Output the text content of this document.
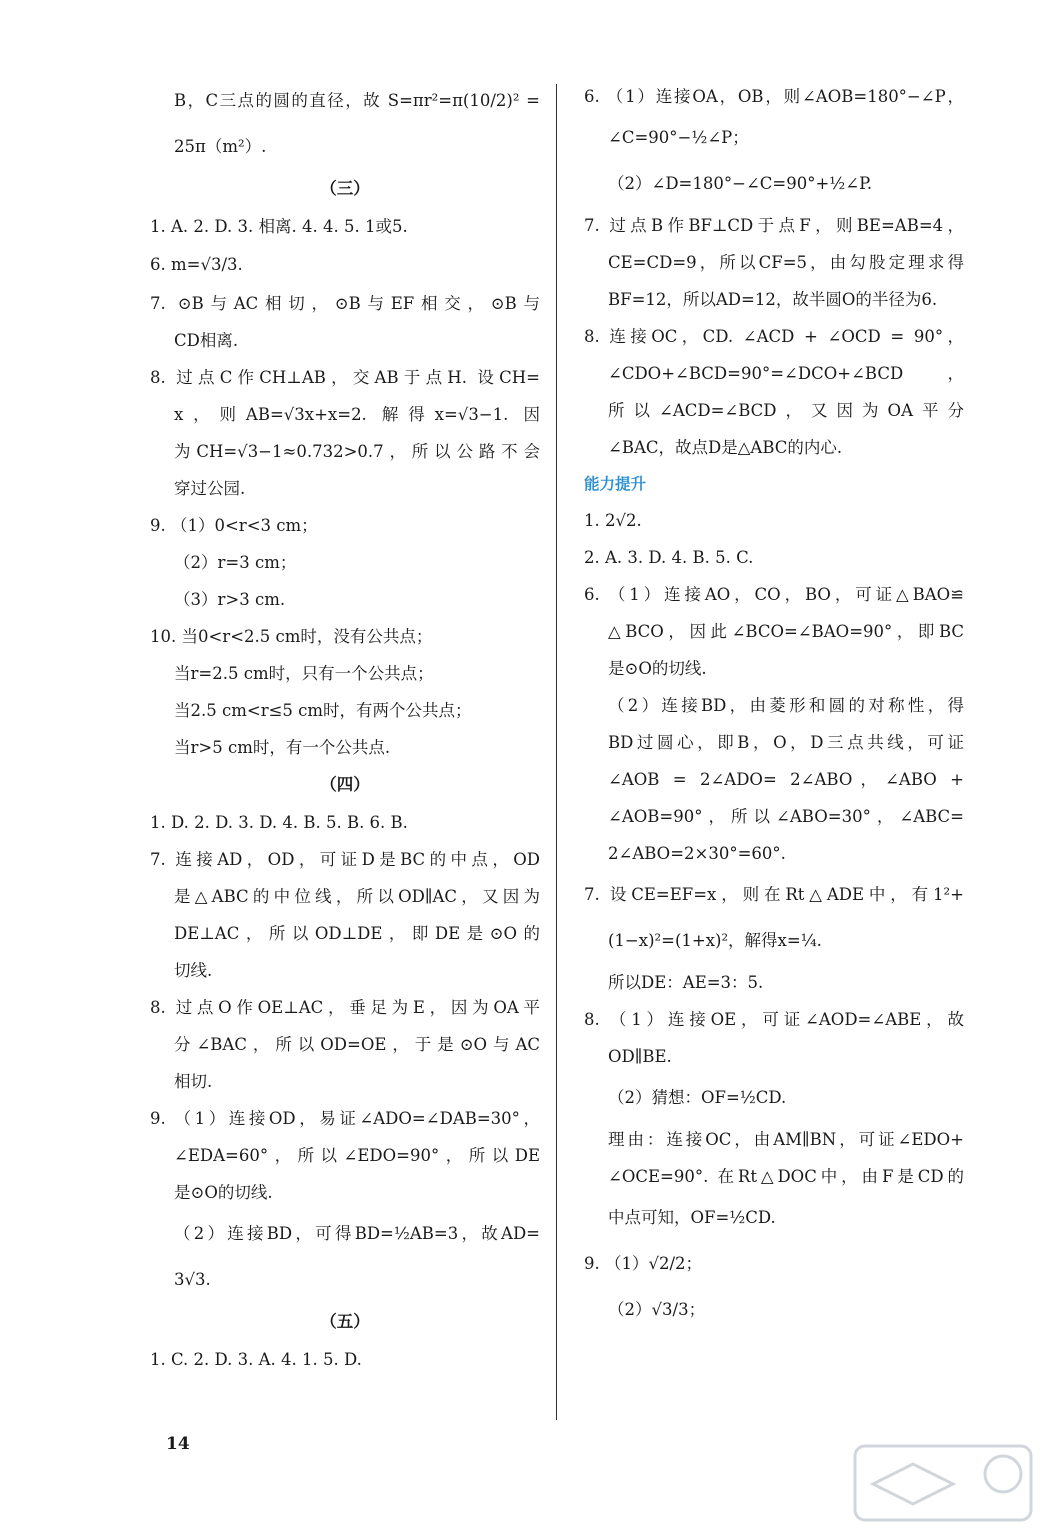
B，C三点的圆的直径，故 S=πr²=π(10/2)² =
25π（m²）.
（三）
1. A. 2. D. 3. 相离. 4. 4. 5. 1或5.
6. m=√3/3.
7. ⊙B与AC相切，⊙B与EF相交，⊙B与
CD相离.
8. 过点C作CH⊥AB，交AB于点H. 设CH=
x，则AB=√3x+x=2. 解得x=√3−1. 因
为CH=√3−1≈0.732>0.7，所以公路不会
穿过公园.
9. （1）0<r<3 cm；
（2）r=3 cm；
（3）r>3 cm.
10. 当0<r<2.5 cm时，没有公共点；
当r=2.5 cm时，只有一个公共点；
当2.5 cm<r≤5 cm时，有两个公共点；
当r>5 cm时，有一个公共点.
（四）
1. D. 2. D. 3. D. 4. B. 5. B. 6. B.
7. 连接AD，OD，可证D是BC的中点，OD
是△ABC的中位线，所以OD∥AC，又因为
DE⊥AC，所以OD⊥DE，即DE是⊙O的
切线.
8. 过点O作OE⊥AC，垂足为E，因为OA平
分∠BAC，所以OD=OE，于是⊙O与AC
相切.
9. （1）连接OD，易证∠ADO=∠DAB=30°，
∠EDA=60°，所以∠EDO=90°，所以DE
是⊙O的切线.
（2）连接BD，可得BD=½AB=3，故AD=
3√3.
（五）
1. C. 2. D. 3. A. 4. 1. 5. D.
6. （1）连接OA，OB，则∠AOB=180°−∠P，
∠C=90°−½∠P；
（2）∠D=180°−∠C=90°+½∠P.
7. 过点B作BF⊥CD于点F，则BE=AB=4，
CE=CD=9，所以CF=5，由勾股定理求得
BF=12，所以AD=12，故半圆O的半径为6.
8. 连接OC，CD. ∠ACD + ∠OCD = 90°，
∠CDO+∠BCD=90°=∠DCO+∠BCD，
所以∠ACD=∠BCD，又因为OA平分
∠BAC，故点D是△ABC的内心.
能力提升
1. 2√2.
2. A. 3. D. 4. B. 5. C.
6. （1）连接AO，CO，BO，可证△BAO≌
△BCO，因此∠BCO=∠BAO=90°，即BC
是⊙O的切线.
（2）连接BD，由菱形和圆的对称性，得
BD过圆心，即B，O，D三点共线，可证
∠AOB = 2∠ADO= 2∠ABO，∠ABO +
∠AOB=90°，所以∠ABO=30°，∠ABC=
2∠ABO=2×30°=60°.
7. 设CE=EF=x，则在Rt△ADE中，有1²+
(1−x)²=(1+x)²，解得x=¼.
所以DE：AE=3：5.
8. （1）连接OE，可证∠AOD=∠ABE，故
OD∥BE.
（2）猜想：OF=½CD.
理由：连接OC，由AM∥BN，可证∠EDO+
∠OCE=90°. 在Rt△DOC中，由F是CD的
中点可知，OF=½CD.
9. （1）√2/2；
（2）√3/3；
14
